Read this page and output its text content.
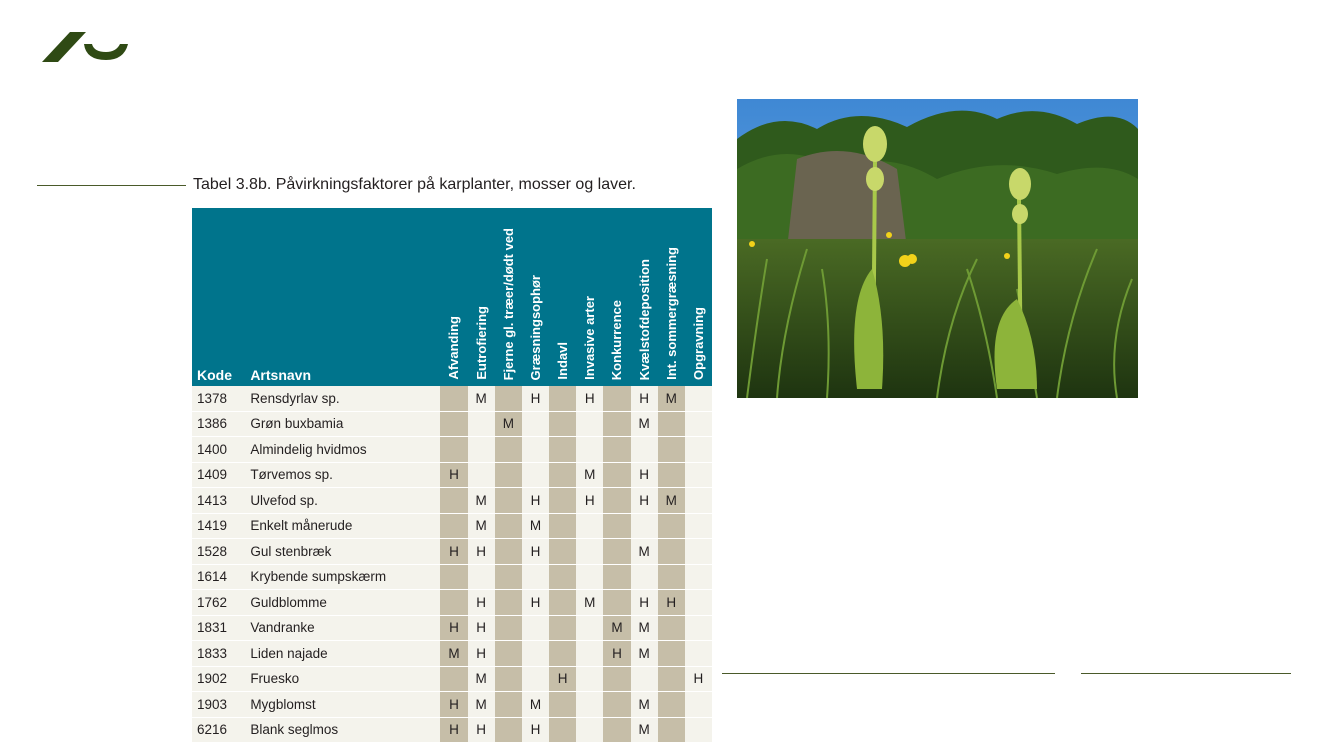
Tabel 3.8b. Påvirkningsfaktorer på karplanter, mosser og laver.
Kode	Artsnavn	Afvanding	Eutrofiering	Fjerne gl. træer/dødt ved	Græsningsophør	Indavl	Invasive arter	Konkurrence	Kvælstofdeposition	Int. sommergræsning	Opgravning

1378	Rensdyrlav sp.		M		H		H		H	M	
1386	Grøn buxbamia			M					M		
1400	Almindelig hvidmos										
1409	Tørvemos sp.	H					M		H		
1413	Ulvefod sp.		M		H		H		H	M	
1419	Enkelt månerude		M		M						
1528	Gul stenbræk	H	H		H				M		
1614	Krybende sumpskærm										
1762	Guldblomme		H		H		M		H	H	
1831	Vandranke	H	H					M	M		
1833	Liden najade	M	H					H	M		
1902	Fruesko		M			H					H
1903	Mygblomst	H	M		M				M		
6216	Blank seglmos	H	H		H				M		
